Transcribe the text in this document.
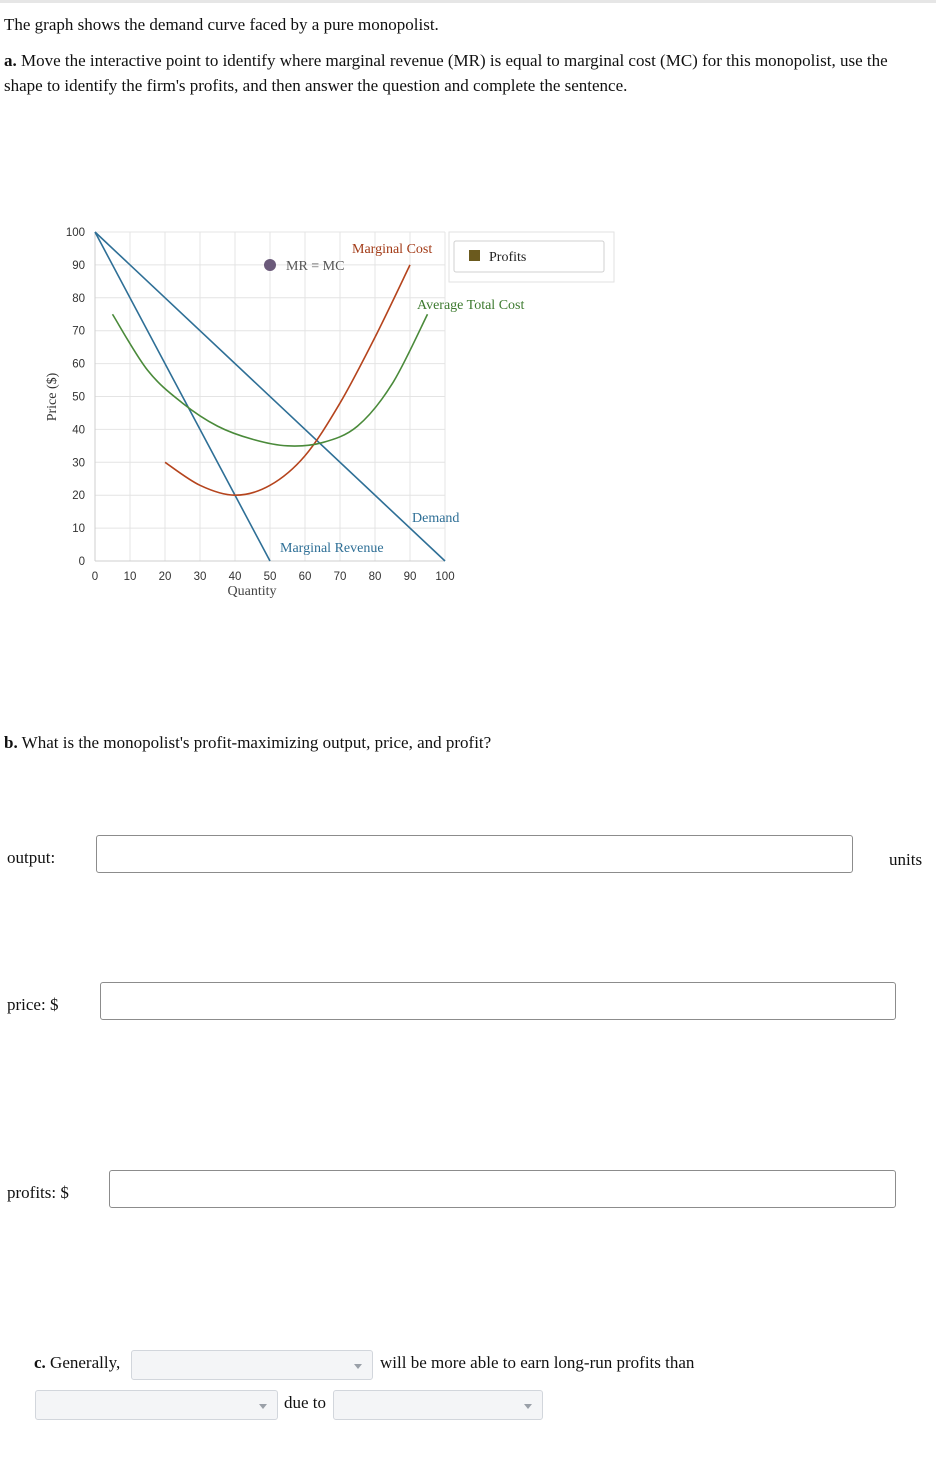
The graph shows the demand curve faced by a pure monopolist.

a. Move the interactive point to identify where marginal revenue (MR) is equal to marginal cost (MC) for this monopolist, use the shape to identify the firm's profits, and then answer the question and complete the sentence.

0 10 20 30 40 50 60 70 80 90 100
0
10
20
30
40
50
60
70
80
90
100
Price ($)
Quantity
Profits
MR = MC
Marginal Cost
Average Total Cost
Demand
Marginal Revenue

b. What is the monopolist's profit-maximizing output, price, and profit?

output:	units
price: $
profits: $
c. Generally,	will be more able to earn long-run profits than
due to
